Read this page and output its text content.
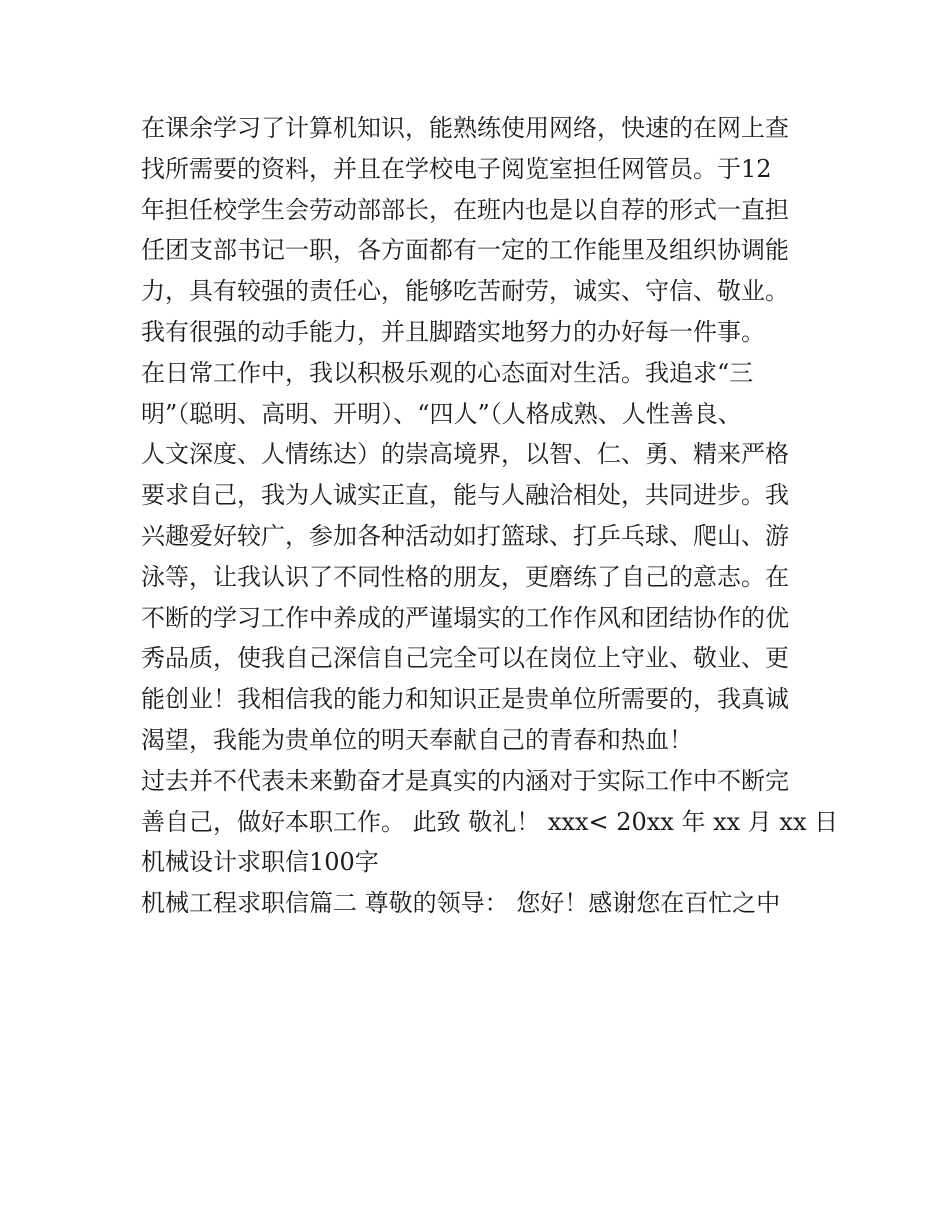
在课余学习了计算机知识，能熟练使用网络，快速的在网上查
找所需要的资料，并且在学校电子阅览室担任网管员。于12
年担任校学生会劳动部部长，在班内也是以自荐的形式一直担
任团支部书记一职，各方面都有一定的工作能里及组织协调能
力，具有较强的责任心，能够吃苦耐劳，诚实、守信、敬业。
我有很强的动手能力，并且脚踏实地努力的办好每一件事。
在日常工作中，我以积极乐观的心态面对生活。我追求“三
明”（聪明、高明、开明）、“四人”（人格成熟、人性善良、
人文深度、人情练达）的崇高境界，以智、仁、勇、精来严格
要求自己，我为人诚实正直，能与人融洽相处，共同进步。我
兴趣爱好较广，参加各种活动如打篮球、打乒乓球、爬山、游
泳等，让我认识了不同性格的朋友，更磨练了自己的意志。在
不断的学习工作中养成的严谨塌实的工作作风和团结协作的优
秀品质，使我自己深信自己完全可以在岗位上守业、敬业、更
能创业！我相信我的能力和知识正是贵单位所需要的，我真诚
渴望，我能为贵单位的明天奉献自己的青春和热血！
过去并不代表未来勤奋才是真实的内涵对于实际工作中不断完
善自己，做好本职工作。 此致 敬礼！ xxx< 20xx 年 xx 月 xx 日
机械设计求职信100字
机械工程求职信篇二 尊敬的领导： 您好！感谢您在百忙之中
